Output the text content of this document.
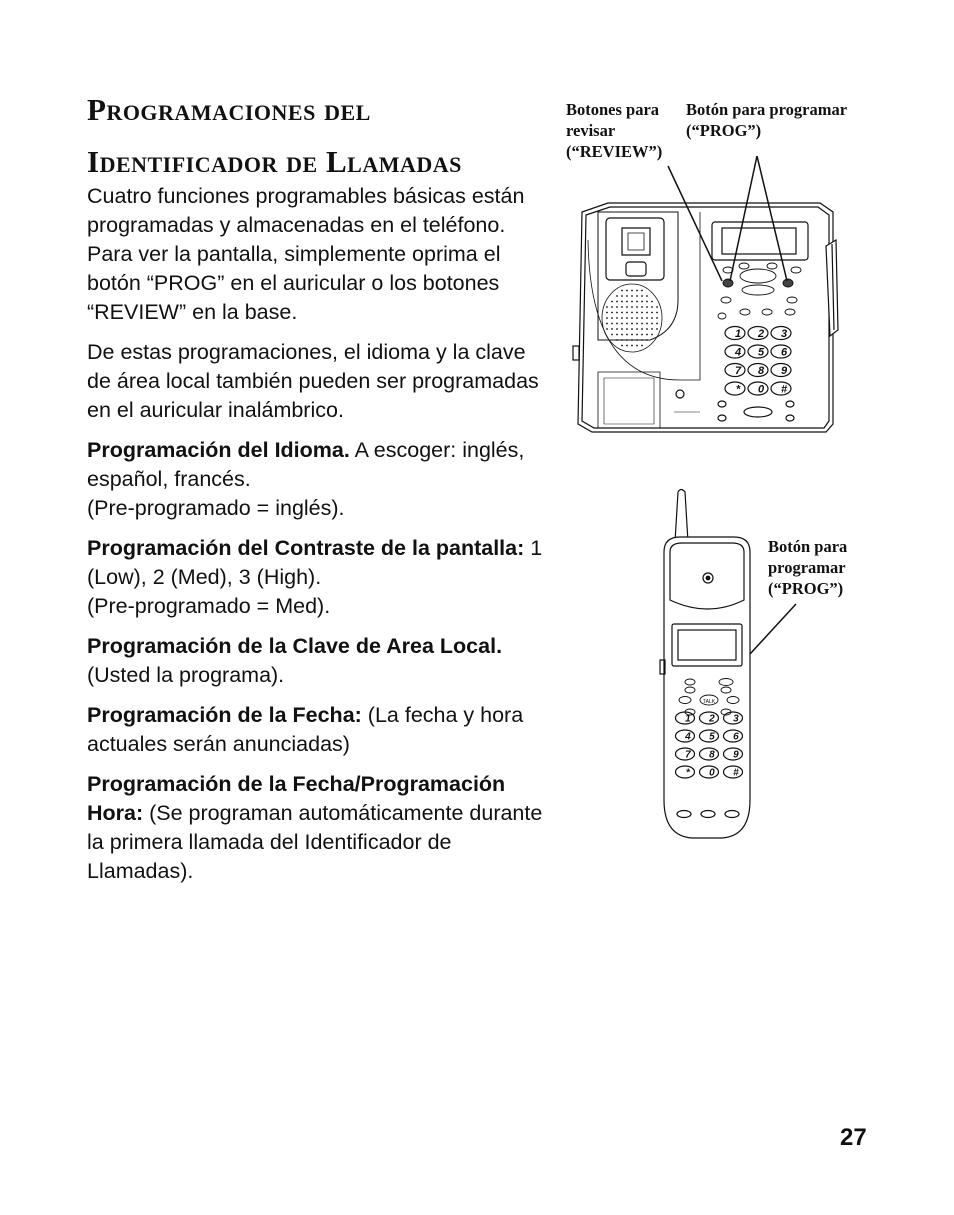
Programaciones del
Identificador de Llamadas

Cuatro funciones programables básicas están programadas y almacenadas en el teléfono. Para ver la pantalla, simplemente oprima el botón “PROG” en el auricular o los botones “REVIEW” en la base.

De estas programaciones, el idioma y la clave de área local también pueden ser programadas en el auricular inalámbrico.

Programación del Idioma. A escoger: inglés, español, francés.
(Pre-programado = inglés).

Programación del Contraste de la pantalla: 1 (Low), 2 (Med), 3 (High).
(Pre-programado = Med).

Programación de la Clave de Area Local.
(Usted la programa).

Programación de la Fecha: (La fecha y hora actuales serán anunciadas)

Programación de la Fecha/Programación Hora: (Se programan automáticamente durante la primera llamada del Identificador de Llamadas).

Botones para
revisar
(“REVIEW”)
Botón para programar
(“PROG”)
Botón para
programar
(“PROG”)
1 2 3
4 5 6
7 8 9
* 0 #
TALK
1 2 3
4 5 6
7 8 9
* 0 #
27
